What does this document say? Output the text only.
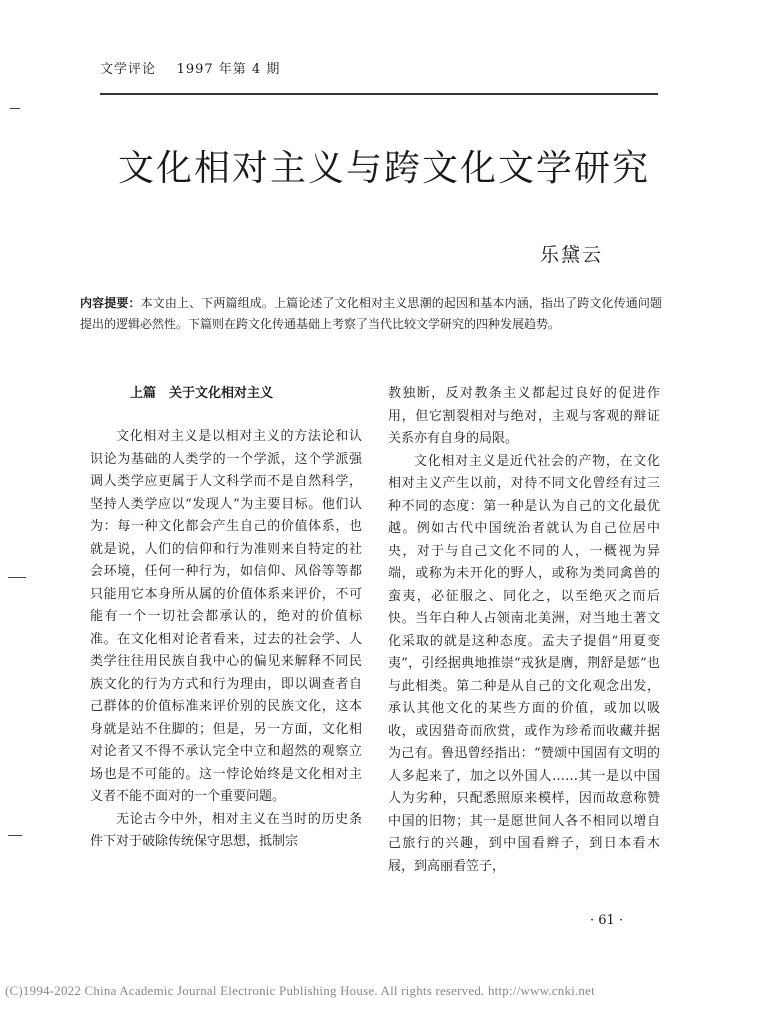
文学评论 1997 年第 4 期
文化相对主义与跨文化文学研究
乐黛云

内容提要：本文由上、下两篇组成。上篇论述了文化相对主义思潮的起因和基本内涵，指出了跨文化传通问题提出的逻辑必然性。下篇则在跨文化传通基础上考察了当代比较文学研究的四种发展趋势。

上篇　关于文化相对主义

文化相对主义是以相对主义的方法论和认识论为基础的人类学的一个学派，这个学派强调人类学应更属于人文科学而不是自然科学，坚持人类学应以“发现人”为主要目标。他们认为：每一种文化都会产生自己的价值体系，也就是说，人们的信仰和行为准则来自特定的社会环境，任何一种行为，如信仰、风俗等等都只能用它本身所从属的价值体系来评价，不可能有一个一切社会都承认的，绝对的价值标准。在文化相对论者看来，过去的社会学、人类学往往用民族自我中心的偏见来解释不同民族文化的行为方式和行为理由，即以调查者自己群体的价值标准来评价别的民族文化，这本身就是站不住脚的；但是，另一方面，文化相对论者又不得不承认完全中立和超然的观察立场也是不可能的。这一悖论始终是文化相对主义者不能不面对的一个重要问题。

无论古今中外，相对主义在当时的历史条件下对于破除传统保守思想，抵制宗

教独断，反对教条主义都起过良好的促进作用，但它割裂相对与绝对，主观与客观的辩证关系亦有自身的局限。

文化相对主义是近代社会的产物，在文化相对主义产生以前，对待不同文化曾经有过三种不同的态度：第一种是认为自己的文化最优越。例如古代中国统治者就认为自己位居中央，对于与自己文化不同的人，一概视为异端，或称为未开化的野人，或称为类同禽兽的蛮夷，必征服之、同化之，以至绝灭之而后快。当年白种人占领南北美洲，对当地土著文化采取的就是这种态度。孟夫子提倡“用夏变夷”，引经据典地推崇“戎狄是膺，荆舒是惩”也与此相类。第二种是从自己的文化观念出发，承认其他文化的某些方面的价值，或加以吸收，或因猎奇而欣赏，或作为珍希而收藏并据为己有。鲁迅曾经指出：“赞颂中国固有文明的人多起来了，加之以外国人……其一是以中国人为劣种，只配悉照原来模样，因而故意称赞中国的旧物；其一是愿世间人各不相同以增自己旅行的兴趣，到中国看辫子，到日本看木屐，到高丽看笠子，

· 61 ·
(C)1994-2022 China Academic Journal Electronic Publishing House. All rights reserved. http://www.cnki.net
